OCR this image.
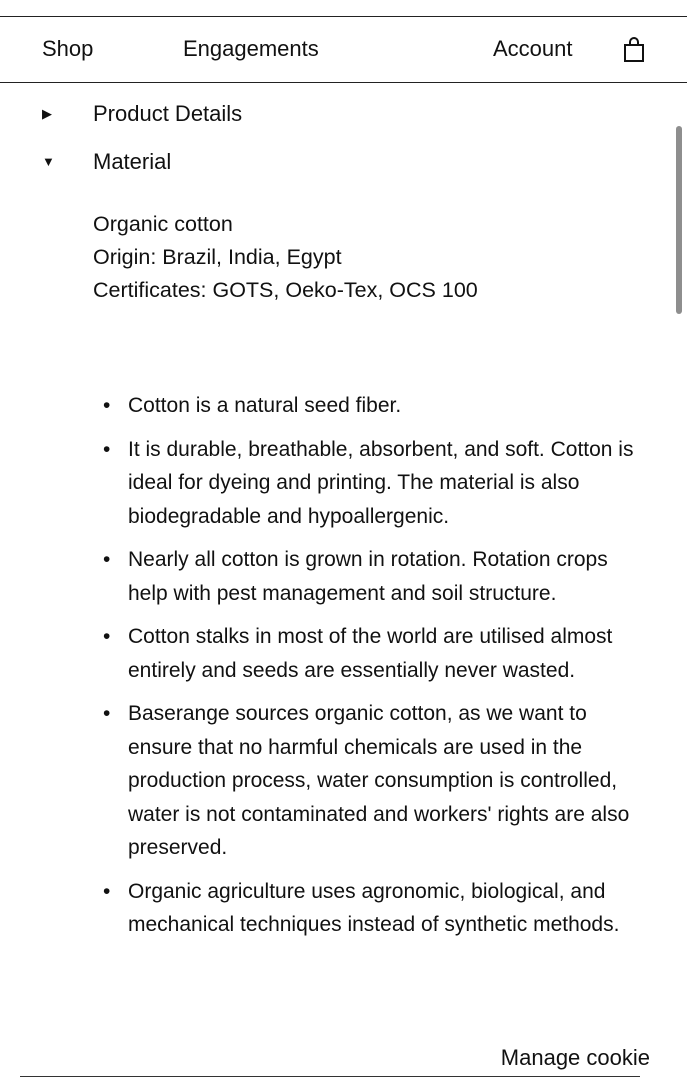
Shop	Engagements	Account
▶ Product Details
▼ Material
Organic cotton
Origin: Brazil, India, Egypt
Certificates: GOTS, Oeko-Tex, OCS 100
• Cotton is a natural seed fiber.
• It is durable, breathable, absorbent, and soft. Cotton is ideal for dyeing and printing. The material is also biodegradable and hypoallergenic.
• Nearly all cotton is grown in rotation. Rotation crops help with pest management and soil structure.
• Cotton stalks in most of the world are utilised almost entirely and seeds are essentially never wasted.
• Baserange sources organic cotton, as we want to ensure that no harmful chemicals are used in the production process, water consumption is controlled, water is not contaminated and workers' rights are also preserved.
• Organic agriculture uses agronomic, biological, and mechanical techniques instead of synthetic methods.
Manage cookie
